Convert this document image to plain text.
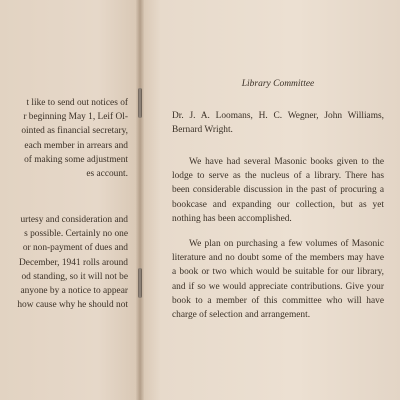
t like to send out notices of
r beginning May 1, Leif Ol-
ointed as financial secretary,
each member in arrears and
of making some adjustment
es account.
urtesy and consideration and
s possible. Certainly no one
or non-payment of dues and
December, 1941 rolls around
od standing, so it will not be
anyone by a notice to appear
how cause why he should not
Library Committee
Dr. J. A. Loomans, H. C. Wegner, John Williams, Bernard Wright.
We have had several Masonic books given to the lodge to serve as the nucleus of a library. There has been considerable discussion in the past of procuring a bookcase and expanding our collection, but as yet nothing has been accomplished.
We plan on purchasing a few volumes of Masonic literature and no doubt some of the members may have a book or two which would be suitable for our library, and if so we would appreciate contributions. Give your book to a member of this committee who will have charge of selection and arrangement.
